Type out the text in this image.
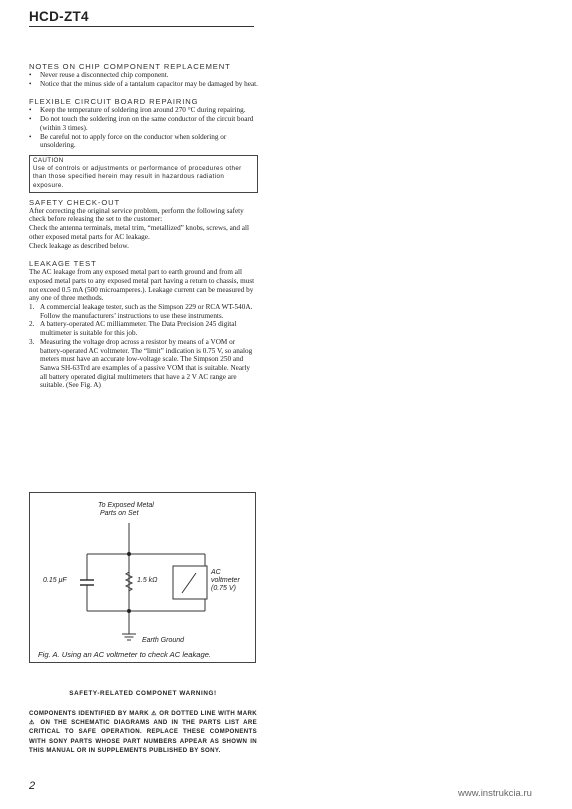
HCD-ZT4

NOTES ON CHIP COMPONENT REPLACEMENT

• Never reuse a disconnected chip component.
• Notice that the minus side of a tantalum capacitor may be damaged by heat.

FLEXIBLE CIRCUIT BOARD REPAIRING

• Keep the temperature of soldering iron around 270 °C during repairing.
• Do not touch the soldering iron on the same conductor of the circuit board (within 3 times).
• Be careful not to apply force on the conductor when soldering or unsoldering.
CAUTION
Use of controls or adjustments or performance of procedures other than those specified herein may result in hazardous radiation exposure.

SAFETY CHECK-OUT

After correcting the original service problem, perform the following safety check before releasing the set to the customer:

Check the antenna terminals, metal trim, “metallized” knobs, screws, and all other exposed metal parts for AC leakage.

Check leakage as described below.

LEAKAGE TEST

The AC leakage from any exposed metal part to earth ground and from all exposed metal parts to any exposed metal part having a return to chassis, must not exceed 0.5 mA (500 microamperes.). Leakage current can be measured by any one of three methods.

1. A commercial leakage tester, such as the Simpson 229 or RCA WT-540A. Follow the manufacturers’ instructions to use these instruments.
2. A battery-operated AC milliammeter. The Data Precision 245 digital multimeter is suitable for this job.
3. Measuring the voltage drop across a resistor by means of a VOM or battery-operated AC voltmeter. The “limit” indication is 0.75 V, so analog meters must have an accurate low-voltage scale. The Simpson 250 and Sanwa SH-63Trd are examples of a passive VOM that is suitable. Nearly all battery operated digital multimeters that have a 2 V AC range are suitable. (See Fig. A)
To Exposed Metal
Parts on Set
0.15 μF	1.5 kΩ
AC
voltmeter
(0.75 V)
Earth Ground
Fig. A. Using an AC voltmeter to check AC leakage.
SAFETY-RELATED COMPONET WARNING!
COMPONENTS IDENTIFIED BY MARK ⚠ OR DOTTED LINE WITH MARK ⚠ ON THE SCHEMATIC DIAGRAMS AND IN THE PARTS LIST ARE CRITICAL TO SAFE OPERATION. REPLACE THESE COMPONENTS WITH SONY PARTS WHOSE PART NUMBERS APPEAR AS SHOWN IN THIS MANUAL OR IN SUPPLEMENTS PUBLISHED BY SONY.
2
www.instrukcia.ru
